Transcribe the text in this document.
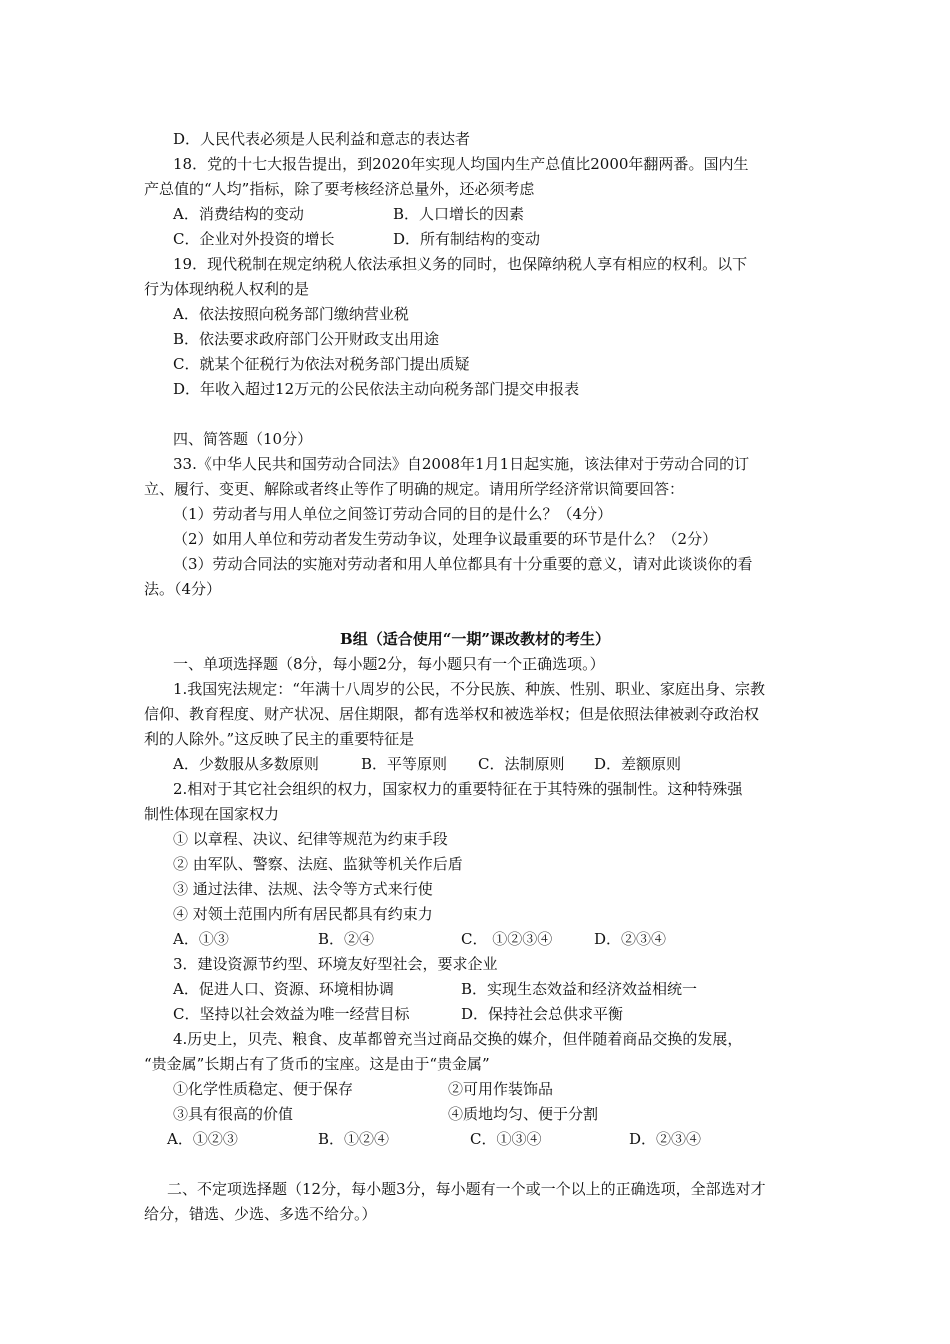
D．人民代表必须是人民利益和意志的表达者
18．党的十七大报告提出，到2020年实现人均国内生产总值比2000年翻两番。国内生
产总值的“人均”指标，除了要考核经济总量外，还必须考虑
A．消费结构的变动	B．人口增长的因素
C．企业对外投资的增长	D．所有制结构的变动
19．现代税制在规定纳税人依法承担义务的同时，也保障纳税人享有相应的权利。以下
行为体现纳税人权利的是
A．依法按照向税务部门缴纳营业税
B．依法要求政府部门公开财政支出用途
C．就某个征税行为依法对税务部门提出质疑
D．年收入超过12万元的公民依法主动向税务部门提交申报表
四、简答题（10分）
33.《中华人民共和国劳动合同法》自2008年1月1日起实施，该法律对于劳动合同的订
立、履行、变更、解除或者终止等作了明确的规定。请用所学经济常识简要回答：
（1）劳动者与用人单位之间签订劳动合同的目的是什么？（4分）
（2）如用人单位和劳动者发生劳动争议，处理争议最重要的环节是什么？（2分）
（3）劳动合同法的实施对劳动者和用人单位都具有十分重要的意义，请对此谈谈你的看
法。（4分）
B组（适合使用“一期”课改教材的考生）
一、单项选择题（8分，每小题2分，每小题只有一个正确选项。）
1.我国宪法规定：“年满十八周岁的公民，不分民族、种族、性别、职业、家庭出身、宗教
信仰、教育程度、财产状况、居住期限，都有选举权和被选举权；但是依照法律被剥夺政治权
利的人除外。”这反映了民主的重要特征是
A．少数服从多数原则	B．平等原则 C．法制原则 D．差额原则
2.相对于其它社会组织的权力，国家权力的重要特征在于其特殊的强制性。这种特殊强
制性体现在国家权力
① 以章程、决议、纪律等规范为约束手段
② 由军队、警察、法庭、监狱等机关作后盾
③ 通过法律、法规、法令等方式来行使
④ 对领土范围内所有居民都具有约束力
A．①③	B．②④	C． ①②③④	D．②③④
3．建设资源节约型、环境友好型社会，要求企业
A．促进人口、资源、环境相协调	B．实现生态效益和经济效益相统一
C．坚持以社会效益为唯一经营目标	D．保持社会总供求平衡
4.历史上，贝壳、粮食、皮革都曾充当过商品交换的媒介，但伴随着商品交换的发展，
“贵金属”长期占有了货币的宝座。这是由于“贵金属”
①化学性质稳定、便于保存	②可用作装饰品
③具有很高的价值	④质地均匀、便于分割
A．①②③	B．①②④	C．①③④	D．②③④
二、不定项选择题（12分，每小题3分，每小题有一个或一个以上的正确选项，全部选对才
给分，错选、少选、多选不给分。）
